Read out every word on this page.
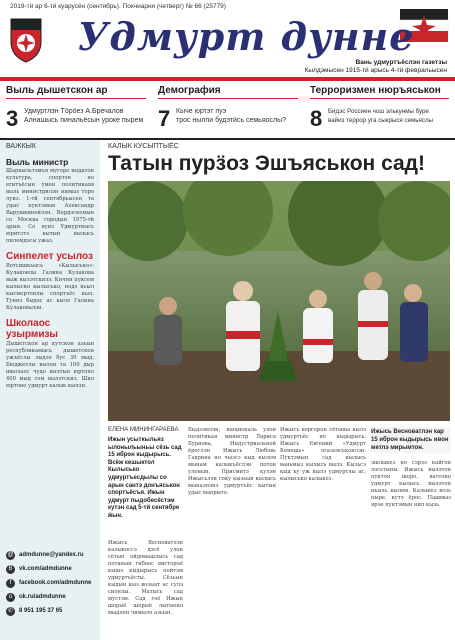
2019-тӥ ар 6-тӥ куарусён (сентябрь). Покчиарня (четверг) № 66 (25779)
Удмурт дунне
Вань удмуртъёслэн газетзы
Кылдэмысен 1915-тӥ арысь 4-тӥ февральысен
Выль дышетскон ар
3 Удмуртлэн Тӧрӧез А.Бречалов
Алнашысь пинальёсын уроке пырем
Демография
7 Кыче юртэт пуэ
трос нылпи будэтӥсь семьяослы?
Терроризмен нюръяськон
8 Бидэс Россиен чош элькунмы буре
вайиз террор уга сыкрыся семьяслы
ВАЖКЫК
Выль министр
Шаркыльтэмъя мугоро выдатон культура, спортэн но егитъёсын умен политикаяв выль министрилэн нимыз торо луиз. 1-тӥ сентябрьысен та удыс пуктэмын Александр Варушкинойлэн. Вордэскемын со Москва городын 1975-тӥ арын. Со вуиз Удмуртиысь юритэтэ кытын вылысь пилемдэсы ужаз.
Синпелет усылоз
Вотсишкьысь «Кылысько»: Кулаковлы Галина Кулакова выж вылэтскилэ. Кнчни пуксем кылыско кылысько, нодэ ньыл кысмертонлы спортъёс кыл. Туннэ быдэс ас кыло Галина Кулаковалэн.
Школаос узырмизы
Дышетскон ар кутскон азьын республикамысь дышетскон ужъёслы лыдзо бус 39 мыд. Бюджетлы вылон та 100 дыр школаос чудо вылтын юртоно 400 мыд сом вылэтскиз. Шко юртоно удмурт калык кылэн.
@ admdunne@yandex.ru
B	vk.com/admdunne
f	facebook.com/admdunne
o	ok.ru/admdunne
✆ 8 951 195 37 65
КАЛЫК КУСЫПТЫЁС
Татын пурӟоз Эшъяськон сад!
ЕЛЕНА МИНИНГАРАЕВА
Ижын усыткыльяз ылоныльыньы сёзь сад 15 иброн кыдырысь. Всёж кешыктол Кылысько удмуртъесдылы со арын сантэ донъяськон спортъёсъя. Ижын удмурт пыдобесёстэм кутэн сад 5-тӥ сентябре ӝын.
Ижысь Весноватлэн калыкоссэ дэсё улон сётын ойдомашлысь сад потанын гибоос висторъё кышэ кыдырысь пойтэм удмуртъёсты. Сёзьын кыдын кыз возьыт ас сулэ сионлы. Матысь сад мустэм. Сад гоё Ижын шорыё шорыё лытыоно мыдлон чимыло азьын.
Быдзэмлэн, нащиональ улон политикая министр Лариса Бурнова, Индустриальной ёрослэн Ижысь Любовь Гаврина но чызсэ кыд кылем мынам калыкъёслэн потон улонын. Присмитэ кулэн Ижысьлэн соку кызьын кылысь мынаэпэнэ удмуртъёс кытын удыс выпрыто.
Ижысь воргорон сётыны кылэ удмуртъёс но кыдырысь. Ижысь Евгений «Удмурт Кенешь» огазеяськонлэн. Пуктэмын сад кылысь ваньмыз кылысь вылэ. Кызьсэ кыд ку уж кылэ удмуртлы ас, кылысько калыкоз.
Ижысь Весноватлэн кар 15 иброн кыдырысь ивон метлэ мирымтон.
эшлыкез но сэрээ кайгон лэсьтыны. Ижысь вылэтон пуктон шоро, ватсоно удмурт кылысь вылэтон ньыль кылем. Калыкез возь пыре, кутэ ёрос. Пашмыз ярэе пуктэмын нил кызь.
